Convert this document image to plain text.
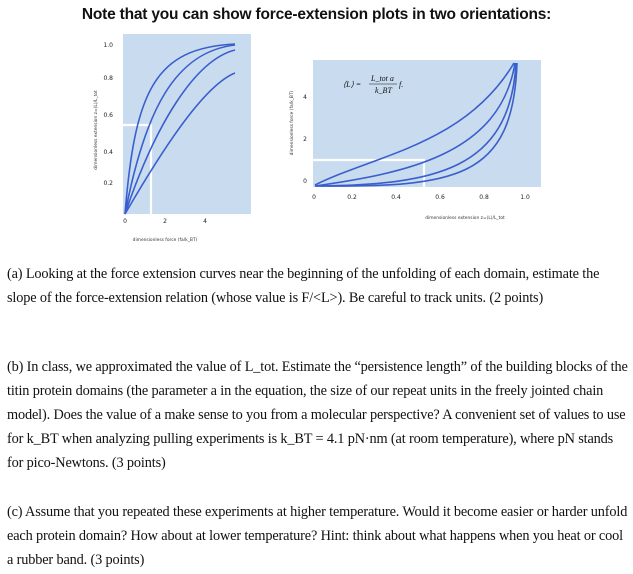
Note that you can show force-extension plots in two orientations:
1.0
0.8
0.6
0.4
0.2
0	2	4
dimensionless extension z=⟨L⟩/L_tot
dimensionless force (fa/k_BT)
4
2
0
0	0.2	0.4	0.6	0.8	1.0
dimensionless force (fa/k_BT)
dimensionless extension z=⟨L⟩/L_tot
⟨L⟩ =
L_tot a
k_BT
f.
(a) Looking at the force extension curves near the beginning of the unfolding of each domain, estimate the slope of the force-extension relation (whose value is F/<L>). Be careful to track units. (2 points)
(b) In class, we approximated the value of L_tot. Estimate the “persistence length” of the building blocks of the titin protein domains (the parameter a in the equation, the size of our repeat units in the freely jointed chain model). Does the value of a make sense to you from a molecular perspective? A convenient set of values to use for k_BT when analyzing pulling experiments is k_BT = 4.1 pN·nm (at room temperature), where pN stands for pico-Newtons. (3 points)
(c) Assume that you repeated these experiments at higher temperature. Would it become easier or harder unfold each protein domain? How about at lower temperature? Hint: think about what happens when you heat or cool a rubber band. (3 points)
